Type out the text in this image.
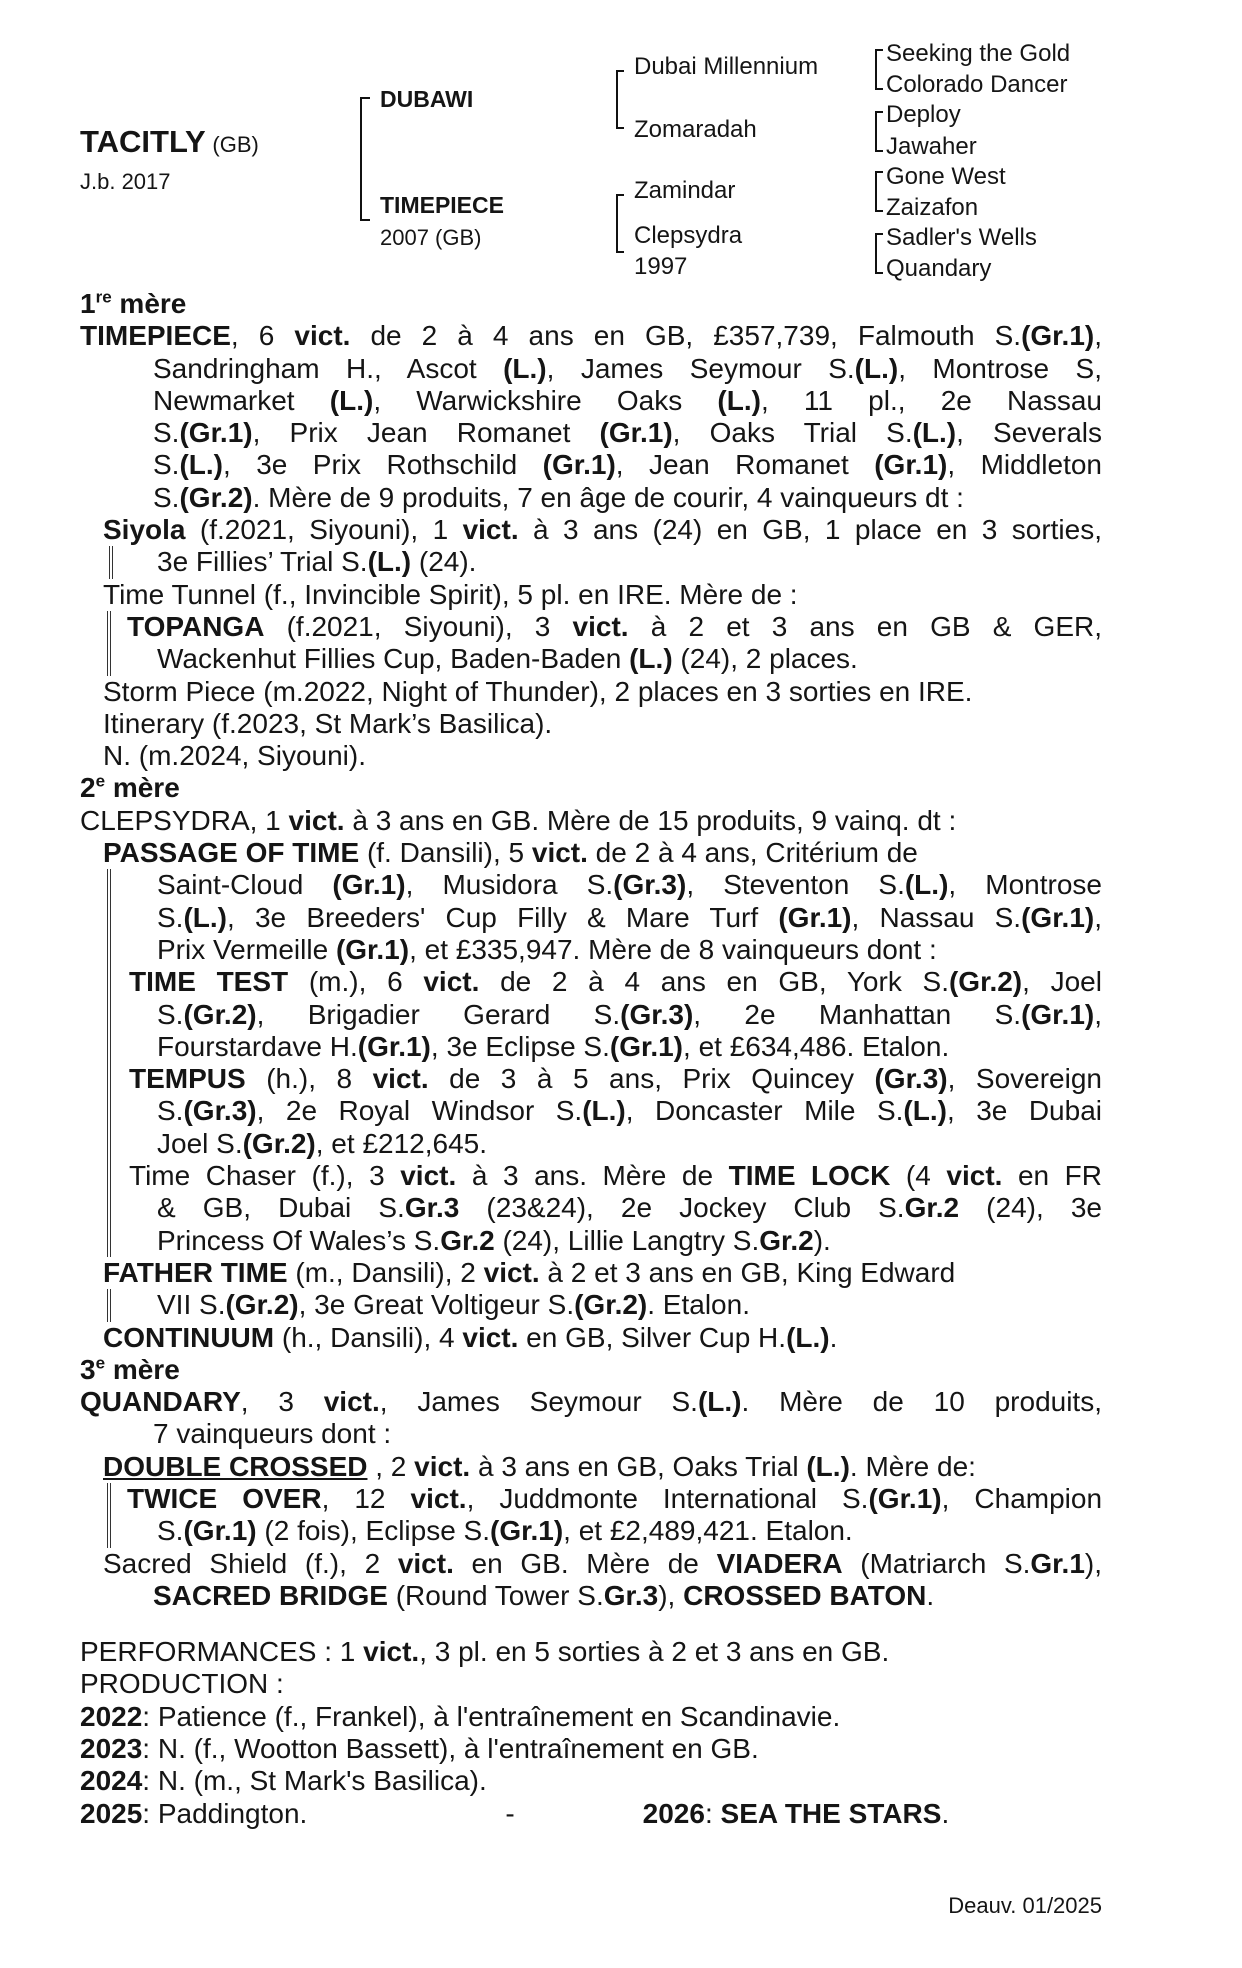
TACITLY (GB)
J.b. 2017
DUBAWI
TIMEPIECE
2007 (GB)
Dubai Millennium
Zomaradah
Zamindar
Clepsydra
1997
Seeking the Gold
Colorado Dancer
Deploy
Jawaher
Gone West
Zaizafon
Sadler's Wells
Quandary
1re mère
TIMEPIECE, 6 vict. de 2 à 4 ans en GB, £357,739, Falmouth S.(Gr.1),
Sandringham H., Ascot (L.), James Seymour S.(L.), Montrose S,
Newmarket (L.), Warwickshire Oaks (L.), 11 pl., 2e Nassau
S.(Gr.1), Prix Jean Romanet (Gr.1), Oaks Trial S.(L.), Severals
S.(L.), 3e Prix Rothschild (Gr.1), Jean Romanet (Gr.1), Middleton
S.(Gr.2). Mère de 9 produits, 7 en âge de courir, 4 vainqueurs dt :
Siyola (f.2021, Siyouni), 1 vict. à 3 ans (24) en GB, 1 place en 3 sorties,
3e Fillies’ Trial S.(L.) (24).
Time Tunnel (f., Invincible Spirit), 5 pl. en IRE. Mère de :
TOPANGA (f.2021, Siyouni), 3 vict. à 2 et 3 ans en GB & GER,
Wackenhut Fillies Cup, Baden-Baden (L.) (24), 2 places.
Storm Piece (m.2022, Night of Thunder), 2 places en 3 sorties en IRE.
Itinerary (f.2023, St Mark’s Basilica).
N. (m.2024, Siyouni).
2e mère
CLEPSYDRA, 1 vict. à 3 ans en GB. Mère de 15 produits, 9 vainq. dt :
PASSAGE OF TIME (f. Dansili), 5 vict. de 2 à 4 ans, Critérium de
Saint-Cloud (Gr.1), Musidora S.(Gr.3), Steventon S.(L.), Montrose
S.(L.), 3e Breeders' Cup Filly & Mare Turf (Gr.1), Nassau S.(Gr.1),
Prix Vermeille (Gr.1), et £335,947. Mère de 8 vainqueurs dont :
TIME TEST (m.), 6 vict. de 2 à 4 ans en GB, York S.(Gr.2), Joel
S.(Gr.2), Brigadier Gerard S.(Gr.3), 2e Manhattan S.(Gr.1),
Fourstardave H.(Gr.1), 3e Eclipse S.(Gr.1), et £634,486. Etalon.
TEMPUS (h.), 8 vict. de 3 à 5 ans, Prix Quincey (Gr.3), Sovereign
S.(Gr.3), 2e Royal Windsor S.(L.), Doncaster Mile S.(L.), 3e Dubai
Joel S.(Gr.2), et £212,645.
Time Chaser (f.), 3 vict. à 3 ans. Mère de TIME LOCK (4 vict. en FR
& GB, Dubai S.Gr.3 (23&24), 2e Jockey Club S.Gr.2 (24), 3e
Princess Of Wales’s S.Gr.2 (24), Lillie Langtry S.Gr.2).
FATHER TIME (m., Dansili), 2 vict. à 2 et 3 ans en GB, King Edward
VII S.(Gr.2), 3e Great Voltigeur S.(Gr.2). Etalon.
CONTINUUM (h., Dansili), 4 vict. en GB, Silver Cup H.(L.).
3e mère
QUANDARY, 3 vict., James Seymour S.(L.). Mère de 10 produits,
7 vainqueurs dont :
DOUBLE CROSSED , 2 vict. à 3 ans en GB, Oaks Trial (L.). Mère de:
TWICE OVER, 12 vict., Juddmonte International S.(Gr.1), Champion
S.(Gr.1) (2 fois), Eclipse S.(Gr.1), et £2,489,421. Etalon.
Sacred Shield (f.), 2 vict. en GB. Mère de VIADERA (Matriarch S.Gr.1),
SACRED BRIDGE (Round Tower S.Gr.3), CROSSED BATON.
PERFORMANCES : 1 vict., 3 pl. en 5 sorties à 2 et 3 ans en GB.
PRODUCTION :
2022: Patience (f., Frankel), à l'entraînement en Scandinavie.
2023: N. (f., Wootton Bassett), à l'entraînement en GB.
2024: N. (m., St Mark's Basilica).
2025: Paddington.	-	2026: SEA THE STARS.
Deauv. 01/2025
